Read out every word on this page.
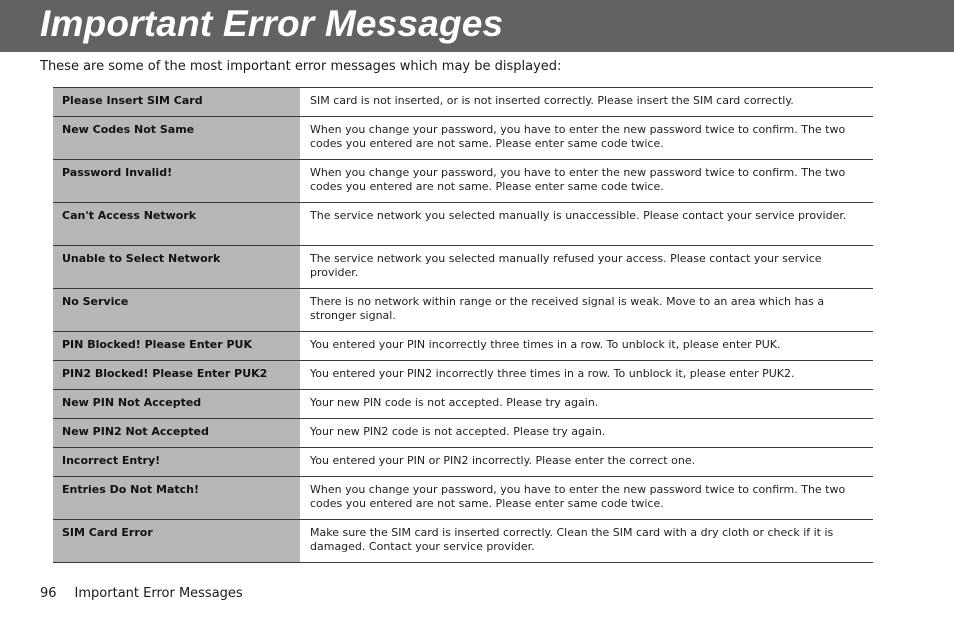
Important Error Messages
These are some of the most important error messages which may be displayed:
Please Insert SIM Card	SIM card is not inserted, or is not inserted correctly. Please insert the SIM card correctly.
New Codes Not Same	When you change your password, you have to enter the new password twice to confirm. The two codes you entered are not same. Please enter same code twice.
Password Invalid!	When you change your password, you have to enter the new password twice to confirm. The two codes you entered are not same. Please enter same code twice.
Can't Access Network	The service network you selected manually is unaccessible. Please contact your service provider.
Unable to Select Network	The service network you selected manually refused your access. Please contact your service provider.
No Service	There is no network within range or the received signal is weak. Move to an area which has a stronger signal.
PIN Blocked! Please Enter PUK	You entered your PIN incorrectly three times in a row. To unblock it, please enter PUK.
PIN2 Blocked! Please Enter PUK2	You entered your PIN2 incorrectly three times in a row. To unblock it, please enter PUK2.
New PIN Not Accepted	Your new PIN code is not accepted. Please try again.
New PIN2 Not Accepted	Your new PIN2 code is not accepted. Please try again.
Incorrect Entry!	You entered your PIN or PIN2 incorrectly. Please enter the correct one.
Entries Do Not Match!	When you change your password, you have to enter the new password twice to confirm. The two codes you entered are not same. Please enter same code twice.
SIM Card Error	Make sure the SIM card is inserted correctly. Clean the SIM card with a dry cloth or check if it is damaged. Contact your service provider.
96 Important Error Messages
